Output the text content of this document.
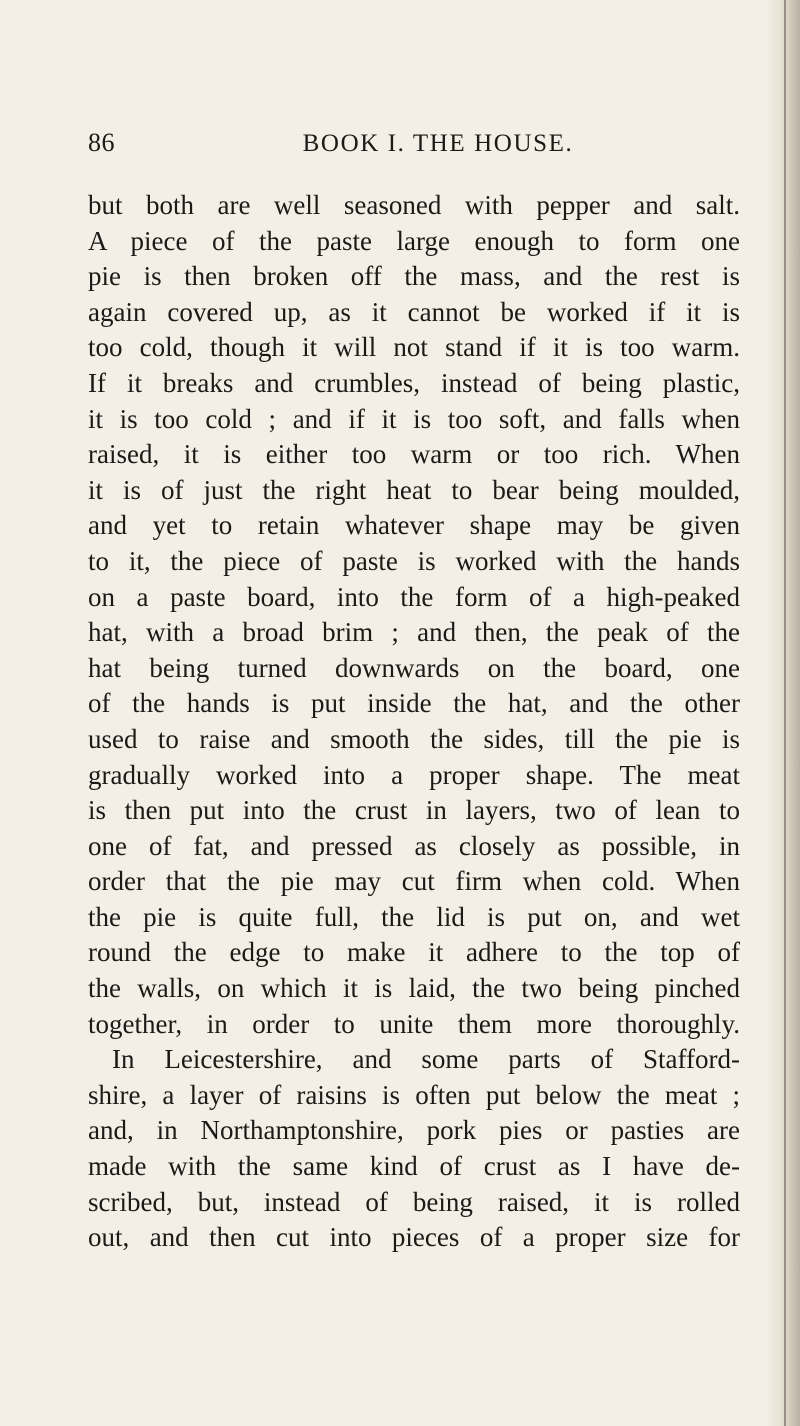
86	BOOK I. THE HOUSE.
but both are well seasoned with pepper and salt.
A piece of the paste large enough to form one
pie is then broken off the mass, and the rest is
again covered up, as it cannot be worked if it is
too cold, though it will not stand if it is too warm.
If it breaks and crumbles, instead of being plastic,
it is too cold ; and if it is too soft, and falls when
raised, it is either too warm or too rich. When
it is of just the right heat to bear being moulded,
and yet to retain whatever shape may be given
to it, the piece of paste is worked with the hands
on a paste board, into the form of a high-peaked
hat, with a broad brim ; and then, the peak of the
hat being turned downwards on the board, one
of the hands is put inside the hat, and the other
used to raise and smooth the sides, till the pie is
gradually worked into a proper shape. The meat
is then put into the crust in layers, two of lean to
one of fat, and pressed as closely as possible, in
order that the pie may cut firm when cold. When
the pie is quite full, the lid is put on, and wet
round the edge to make it adhere to the top of
the walls, on which it is laid, the two being pinched
together, in order to unite them more thoroughly.
In Leicestershire, and some parts of Stafford-
shire, a layer of raisins is often put below the meat ;
and, in Northamptonshire, pork pies or pasties are
made with the same kind of crust as I have de-
scribed, but, instead of being raised, it is rolled
out, and then cut into pieces of a proper size for
